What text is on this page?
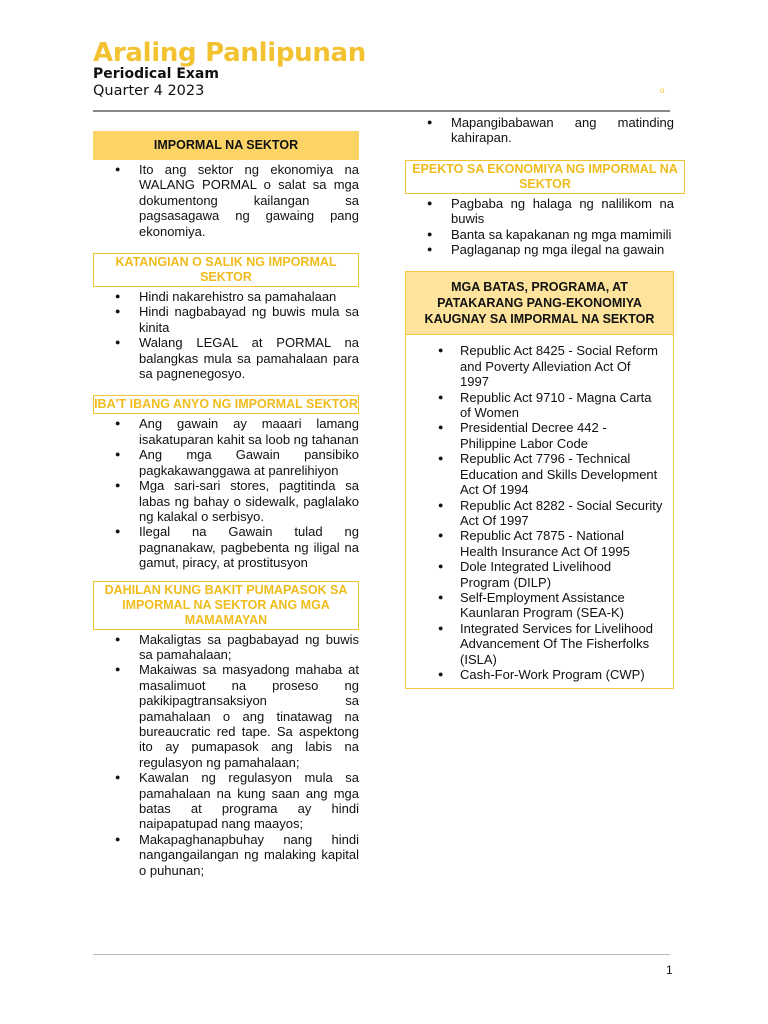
Araling Panlipunan
Periodical Exam
Quarter 4 2023	o
IMPORMAL NA SEKTOR
● Ito ang sektor ng ekonomiya na WALANG PORMAL o salat sa mga dokumentong kailangan sa pagsasagawa ng gawaing pang ekonomiya.
KATANGIAN O SALIK NG IMPORMAL SEKTOR
● Hindi nakarehistro sa pamahalaan
● Hindi nagbabayad ng buwis mula sa kinita
● Walang LEGAL at PORMAL na balangkas mula sa pamahalaan para sa pagnenegosyo.
IBA'T IBANG ANYO NG IMPORMAL SEKTOR
● Ang gawain ay maaari lamang isakatuparan kahit sa loob ng tahanan
● Ang mga Gawain pansibiko pagkakawanggawa at panrelihiyon
● Mga sari-sari stores, pagtitinda sa labas ng bahay o sidewalk, paglalako ng kalakal o serbisyo.
● Ilegal na Gawain tulad ng pagnanakaw, pagbebenta ng iligal na gamut, piracy, at prostitusyon
DAHILAN KUNG BAKIT PUMAPASOK SA IMPORMAL NA SEKTOR ANG MGA MAMAMAYAN
● Makaligtas sa pagbabayad ng buwis sa pamahalaan;
● Makaiwas sa masyadong mahaba at masalimuot na proseso ng pakikipagtransaksiyon sa pamahalaan o ang tinatawag na bureaucratic red tape. Sa aspektong ito ay pumapasok ang labis na regulasyon ng pamahalaan;
● Kawalan ng regulasyon mula sa pamahalaan na kung saan ang mga batas at programa ay hindi naipapatupad nang maayos;
● Makapaghanapbuhay nang hindi nangangailangan ng malaking kapital o puhunan;
● Mapangibabawan ang matinding kahirapan.
EPEKTO SA EKONOMIYA NG IMPORMAL NA SEKTOR
● Pagbaba ng halaga ng nalilikom na buwis
● Banta sa kapakanan ng mga mamimili
● Paglaganap ng mga ilegal na gawain
MGA BATAS, PROGRAMA, AT PATAKARANG PANG-EKONOMIYA KAUGNAY SA IMPORMAL NA SEKTOR
● Republic Act 8425 - Social Reform and Poverty Alleviation Act Of 1997
● Republic Act 9710 - Magna Carta of Women
● Presidential Decree 442 - Philippine Labor Code
● Republic Act 7796 - Technical Education and Skills Development Act Of 1994
● Republic Act 8282 - Social Security Act Of 1997
● Republic Act 7875 - National Health Insurance Act Of 1995
● Dole Integrated Livelihood Program (DILP)
● Self-Employment Assistance Kaunlaran Program (SEA-K)
● Integrated Services for Livelihood Advancement Of The Fisherfolks (ISLA)
● Cash-For-Work Program (CWP)
1
